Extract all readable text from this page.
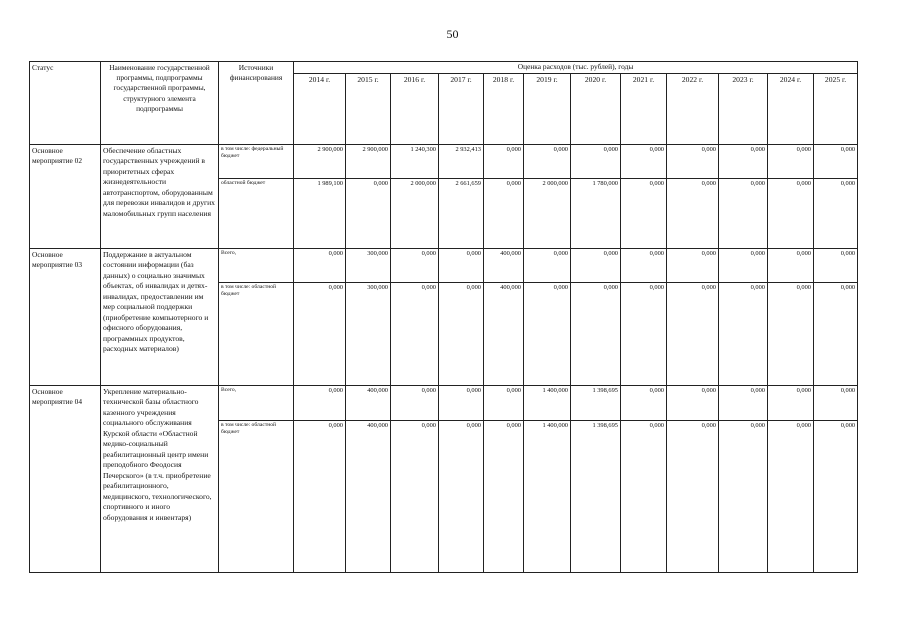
50
Статус	Наименование государственной программы, подпрограммы государственной программы, структурного элемента подпрограммы	Источники финансирования	Оценка расходов (тыс. рублей), годы											
			2014 г.	2015 г.	2016 г.	2017 г.	2018 г.	2019 г.	2020 г.	2021 г.	2022 г.	2023 г.	2024 г.	2025 г.
Основное мероприятие 02	Обеспечение областных государственных учреждений в приоритетных сферах жизнедеятельности автотранспортом, оборудованным для перевозки инвалидов и других маломобильных групп населения	в том числе: федеральный бюджет	2 900,000	2 900,000	1 240,300	2 932,413	0,000	0,000	0,000	0,000	0,000	0,000	0,000	0,000
		областной бюджет	1 989,100	0,000	2 000,000	2 661,659	0,000	2 000,000	1 780,000	0,000	0,000	0,000	0,000	0,000
Основное мероприятие 03	Поддержание в актуальном состоянии информации (баз данных) о социально значимых объектах, об инвалидах и детях-инвалидах, предоставлении им мер социальной поддержки (приобретение компьютерного и офисного оборудования, программных продуктов, расходных материалов)	Всего,	0,000	300,000	0,000	0,000	400,000	0,000	0,000	0,000	0,000	0,000	0,000	0,000
		в том числе: областной бюджет	0,000	300,000	0,000	0,000	400,000	0,000	0,000	0,000	0,000	0,000	0,000	0,000
Основное мероприятие 04	Укрепление материально-технической базы областного казенного учреждения социального обслуживания Курской области «Областной медико-социальный реабилитационный центр имени преподобного Феодосия Печерского» (в т.ч. приобретение реабилитационного, медицинского, технологического, спортивного и иного оборудования и инвентаря)	Всего,	0,000	400,000	0,000	0,000	0,000	1 400,000	1 398,695	0,000	0,000	0,000	0,000	0,000
		в том числе: областной бюджет	0,000	400,000	0,000	0,000	0,000	1 400,000	1 398,695	0,000	0,000	0,000	0,000	0,000
